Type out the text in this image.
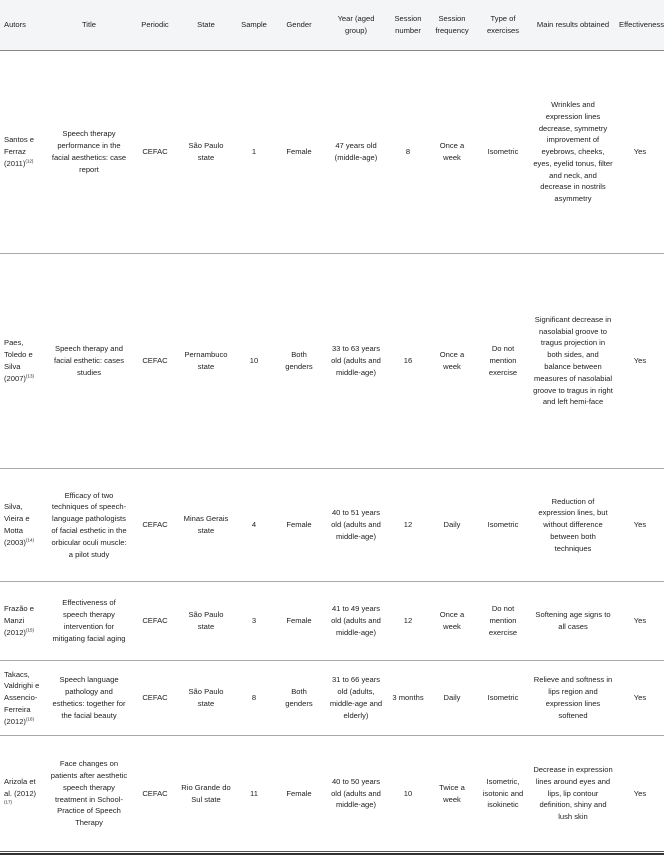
Autors	Title	Periodic	State	Sample	Gender	Year (aged group)	Session number	Session frequency	Type of exercises	Main results obtained	Effectiveness
Santos e Ferraz $(2011)^{(12)}$	Speech therapy performance in the facial aesthetics: case report	CEFAC	São Paulo state	1	Female	47 years old (middle-age)	8	Once a week	Isometric	Wrinkles and expression lines decrease, symmetry improvement of eyebrows, cheeks, eyes, eyelid tonus, filter and neck, and decrease in nostrils asymmetry	Yes
Paes, Toledo e Silva $(2007)^{(13)}$	Speech therapy and facial esthetic: cases studies	CEFAC	Pernambuco state	10	Both genders	33 to 63 years old (adults and middle-age)	16	Once a week	Do not mention exercise	Significant decrease in nasolabial groove to tragus projection in both sides, and balance between measures of nasolabial groove to tragus in right and left hemi-face	Yes
Silva, Vieira e Motta $(2003)^{(14)}$	Efficacy of two techniques of speech-language pathologists of facial esthetic in the orbicular oculi muscle: a pilot study	CEFAC	Minas Gerais state	4	Female	40 to 51 years old (adults and middle-age)	12	Daily	Isometric	Reduction of expression lines, but without difference between both techniques	Yes
Frazão e Manzi $(2012)^{(15)}$	Effectiveness of speech therapy intervention for mitigating facial aging	CEFAC	São Paulo state	3	Female	41 to 49 years old (adults and middle-age)	12	Once a week	Do not mention exercise	Softening age signs to all cases	Yes
Takacs, Valdrighi e Assencio-Ferreira $(2012)^{(16)}$	Speech language pathology and esthetics: together for the facial beauty	CEFAC	São Paulo state	8	Both genders	31 to 66 years old (adults, middle-age and elderly)	3 months	Daily	Isometric	Relieve and softness in lips region and expression lines softened	Yes
Arizola et al. $(2012)^{(17)}$	Face changes on patients after aesthetic speech therapy treatment in School-Practice of Speech Therapy	CEFAC	Rio Grande do Sul state	11	Female	40 to 50 years old (adults and middle-age)	10	Twice a week	Isometric, isotonic and isokinetic	Decrease in expression lines around eyes and lips, lip contour definition, shiny and lush skin	Yes
